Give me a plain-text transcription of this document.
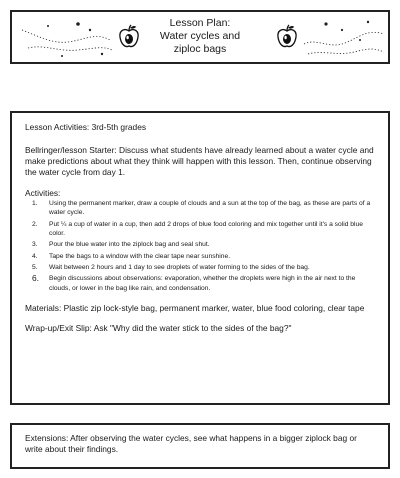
Lesson Plan:
Water cycles and
ziploc bags

Lesson Activities: 3rd-5th grades

Bellringer/lesson Starter: Discuss what students have already learned about a water cycle and make predictions about what they think will happen with this lesson. Then, continue observing the water cycle from day 1.

Activities:

1.	Using the permanent marker, draw a couple of clouds and a sun at the top of the bag, as these are parts of a water cycle.
2.	Put ¼ a cup of water in a cup, then add 2 drops of blue food coloring and mix together until it's a solid blue color.
3.	Pour the blue water into the ziplock bag and seal shut.
4.	Tape the bags to a window with the clear tape near sunshine.
5.	Wait between 2 hours and 1 day to see droplets of water forming to the sides of the bag.
6.	Begin discussions about observations: evaporation, whether the droplets were high in the air next to the clouds, or lower in the bag like rain, and condensation.

Materials: Plastic zip lock-style bag, permanent marker, water, blue food coloring, clear tape

Wrap-up/Exit Slip: Ask "Why did the water stick to the sides of the bag?"

Extensions: After observing the water cycles, see what happens in a bigger ziplock bag or write about their findings.
